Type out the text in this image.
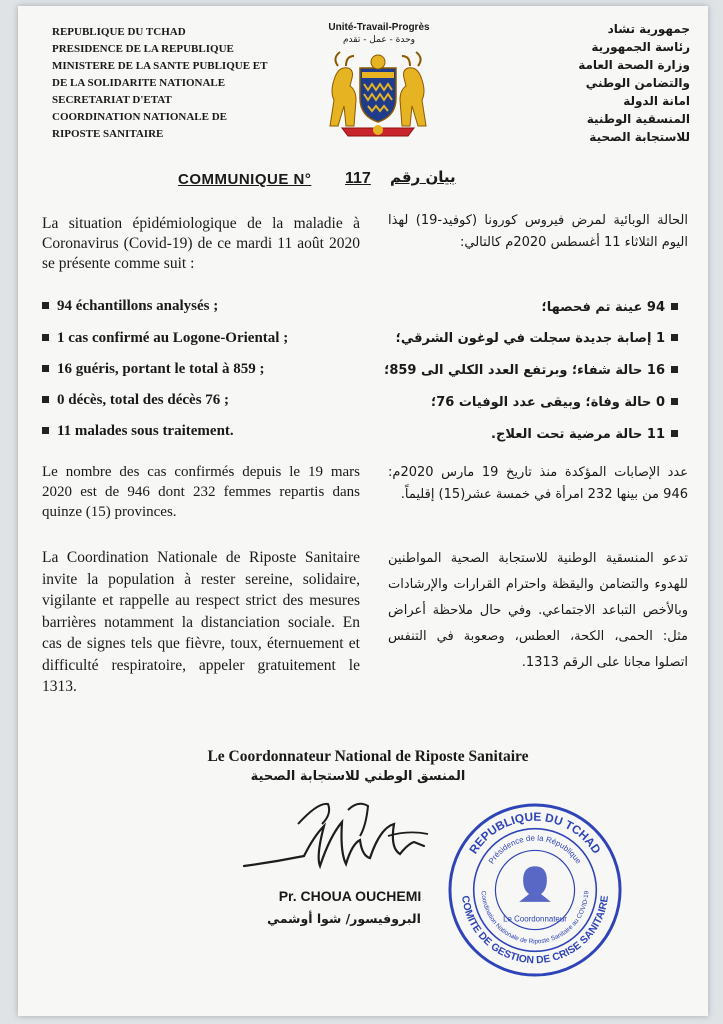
REPUBLIQUE DU TCHAD
PRESIDENCE DE LA REPUBLIQUE
MINISTERE DE LA SANTE PUBLIQUE ET
DE LA SOLIDARITE NATIONALE
SECRETARIAT D'ETAT
COORDINATION NATIONALE DE
RIPOSTE SANITAIRE
Unité-Travail-Progrès
وحدة - عمل - تقدم
جمهورية تشاد
رئاسة الجمهورية
وزارة الصحة العامة
والتضامن الوطني
امانة الدولة
المنسقية الوطنية
للاستجابة الصحية
COMMUNIQUE N° 117 بيان رقم
La situation épidémiologique de la maladie à Coronavirus (Covid-19) de ce mardi 11 août 2020 se présente comme suit :
الحالة الوبائية لمرض فيروس كورونا (كوفيد-19) لهذا اليوم الثلاثاء 11 أغسطس 2020م كالتالي:
94 échantillons analysés ;
1 cas confirmé au Logone-Oriental ;
16 guéris, portant le total à 859 ;
0 décès, total des décès 76 ;
11 malades sous traitement.
94 عينة تم فحصها؛
1 إصابة جديدة سجلت في لوغون الشرقي؛
16 حالة شفاء؛ وبرتفع العدد الكلي الى 859؛
0 حالة وفاة؛ وبيقى عدد الوفيات 76؛
11 حالة مرضية تحت العلاج.
Le nombre des cas confirmés depuis le 19 mars 2020 est de 946 dont 232 femmes repartis dans quinze (15) provinces.
عدد الإصابات المؤكدة منذ تاريخ 19 مارس 2020م: 946 من بينها 232 امرأة في خمسة عشر(15) إقليماً.
La Coordination Nationale de Riposte Sanitaire invite la population à rester sereine, solidaire, vigilante et rappelle au respect strict des mesures barrières notamment la distanciation sociale. En cas de signes tels que fièvre, toux, éternuement et difficulté respiratoire, appeler gratuitement le 1313.
تدعو المنسقية الوطنية للاستجابة الصحية المواطنين للهدوء والتضامن واليقظة واحترام القرارات والإرشادات وبالأخص التباعد الاجتماعي. وفي حال ملاحظة أعراض مثل: الحمى، الكحة، العطس، وصعوبة في التنفس اتصلوا مجانا على الرقم 1313.
Le Coordonnateur National de Riposte Sanitaire
المنسق الوطني للاستجابة الصحية
Pr. CHOUA OUCHEMI
البروفيسور/ شوا أوشمي
REPUBLIQUE DU TCHAD
COMITE DE GESTION DE CRISE SANITAIRE
Présidence de la République
Coordination Nationale de Riposte Sanitaire au COVID-19
Le Coordonnateur
